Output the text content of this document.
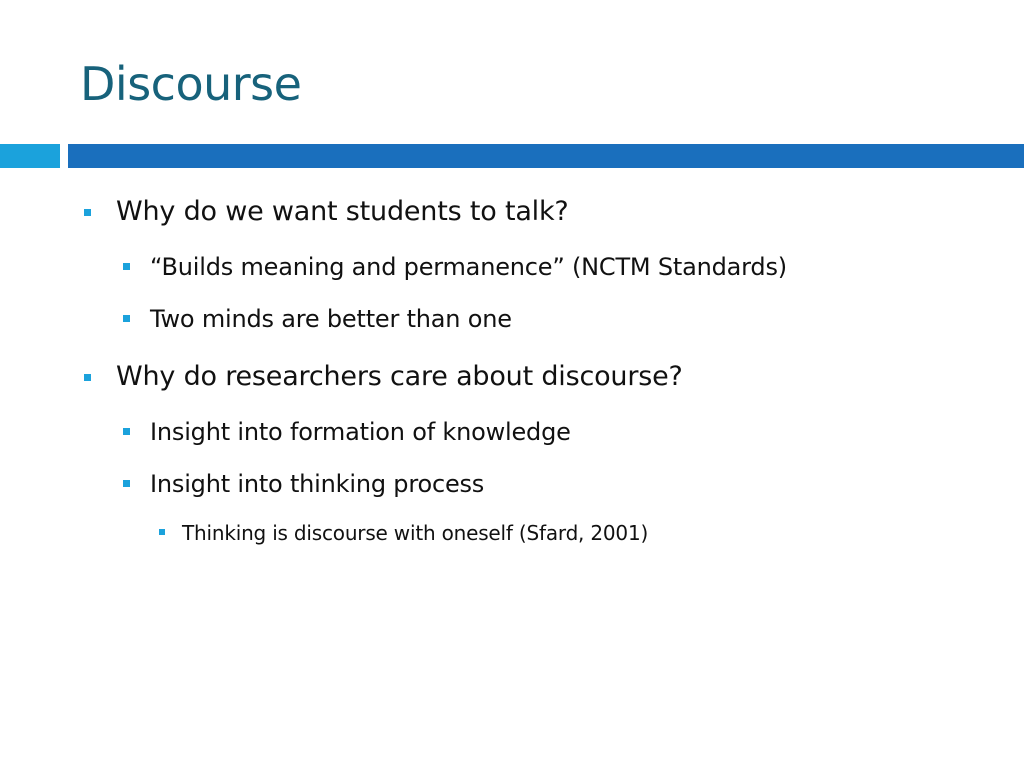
Discourse
Why do we want students to talk?
“Builds meaning and permanence” (NCTM Standards)
Two minds are better than one
Why do researchers care about discourse?
Insight into formation of knowledge
Insight into thinking process
Thinking is discourse with oneself (Sfard, 2001)
